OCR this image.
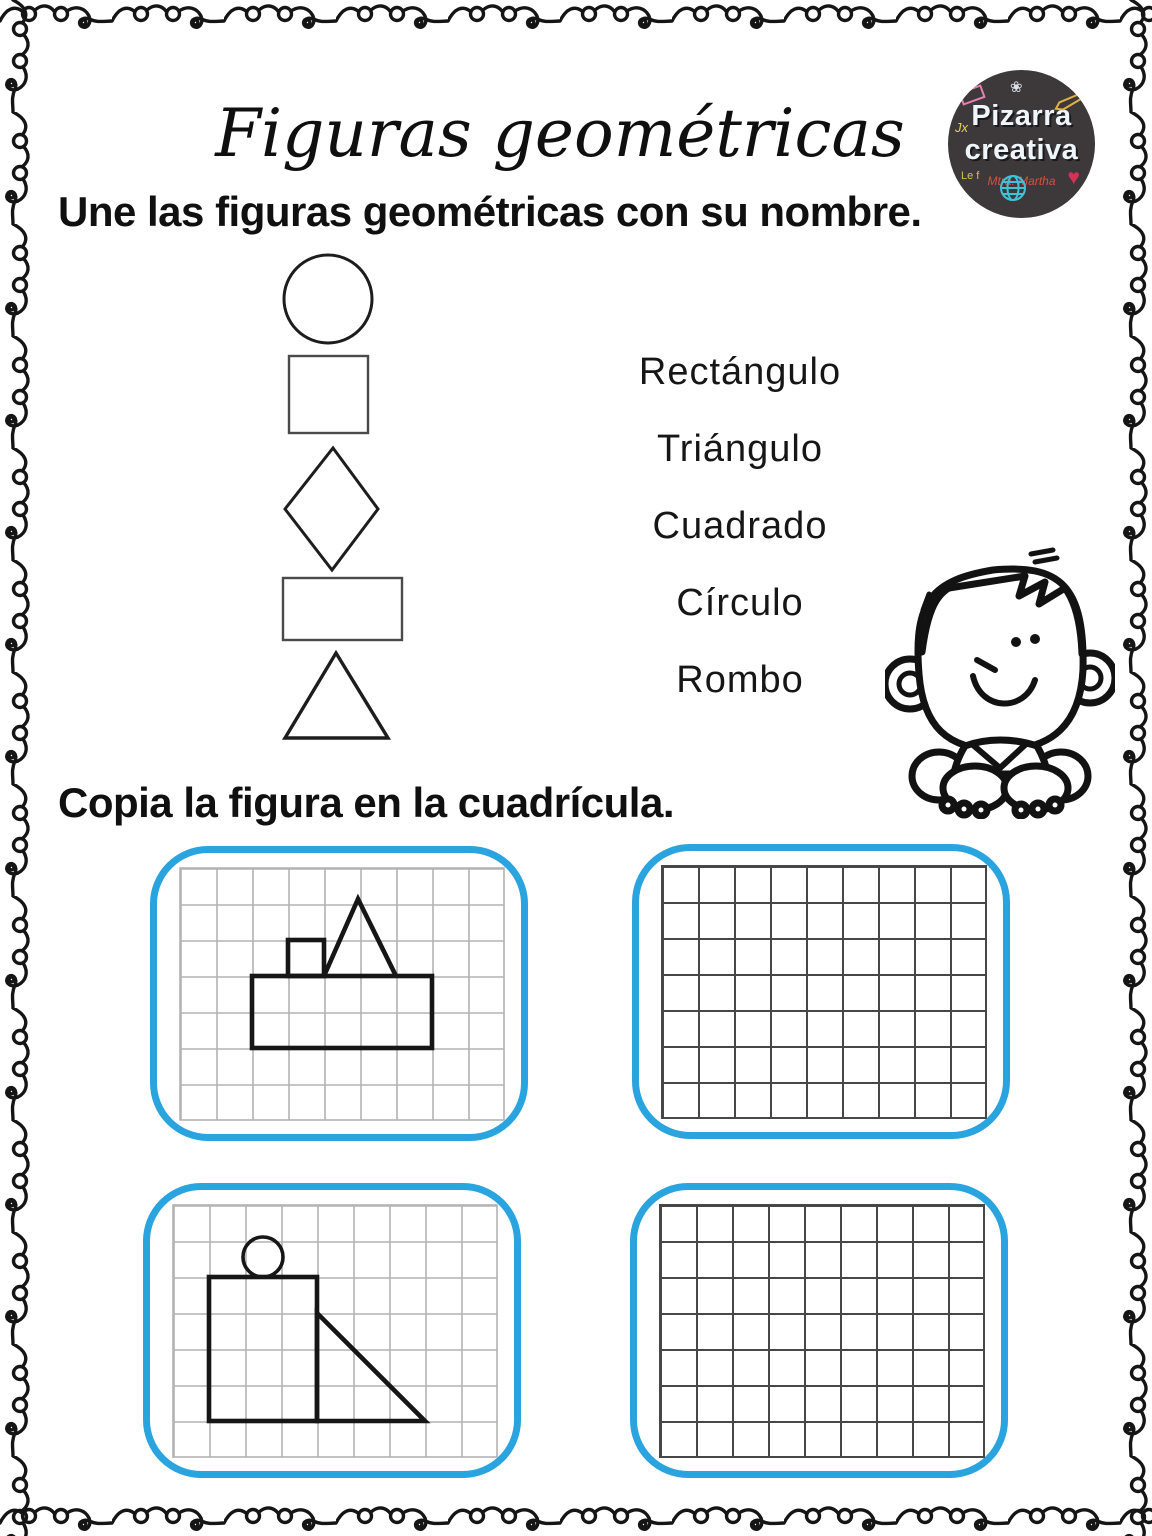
Figuras geométricas	Pizarra
creativa
Mtra. Martha
Le f
Jx
♥
❀
Une las figuras geométricas con su nombre.
Rectángulo
Triángulo
Cuadrado
Círculo
Rombo
Copia la figura en la cuadrícula.
